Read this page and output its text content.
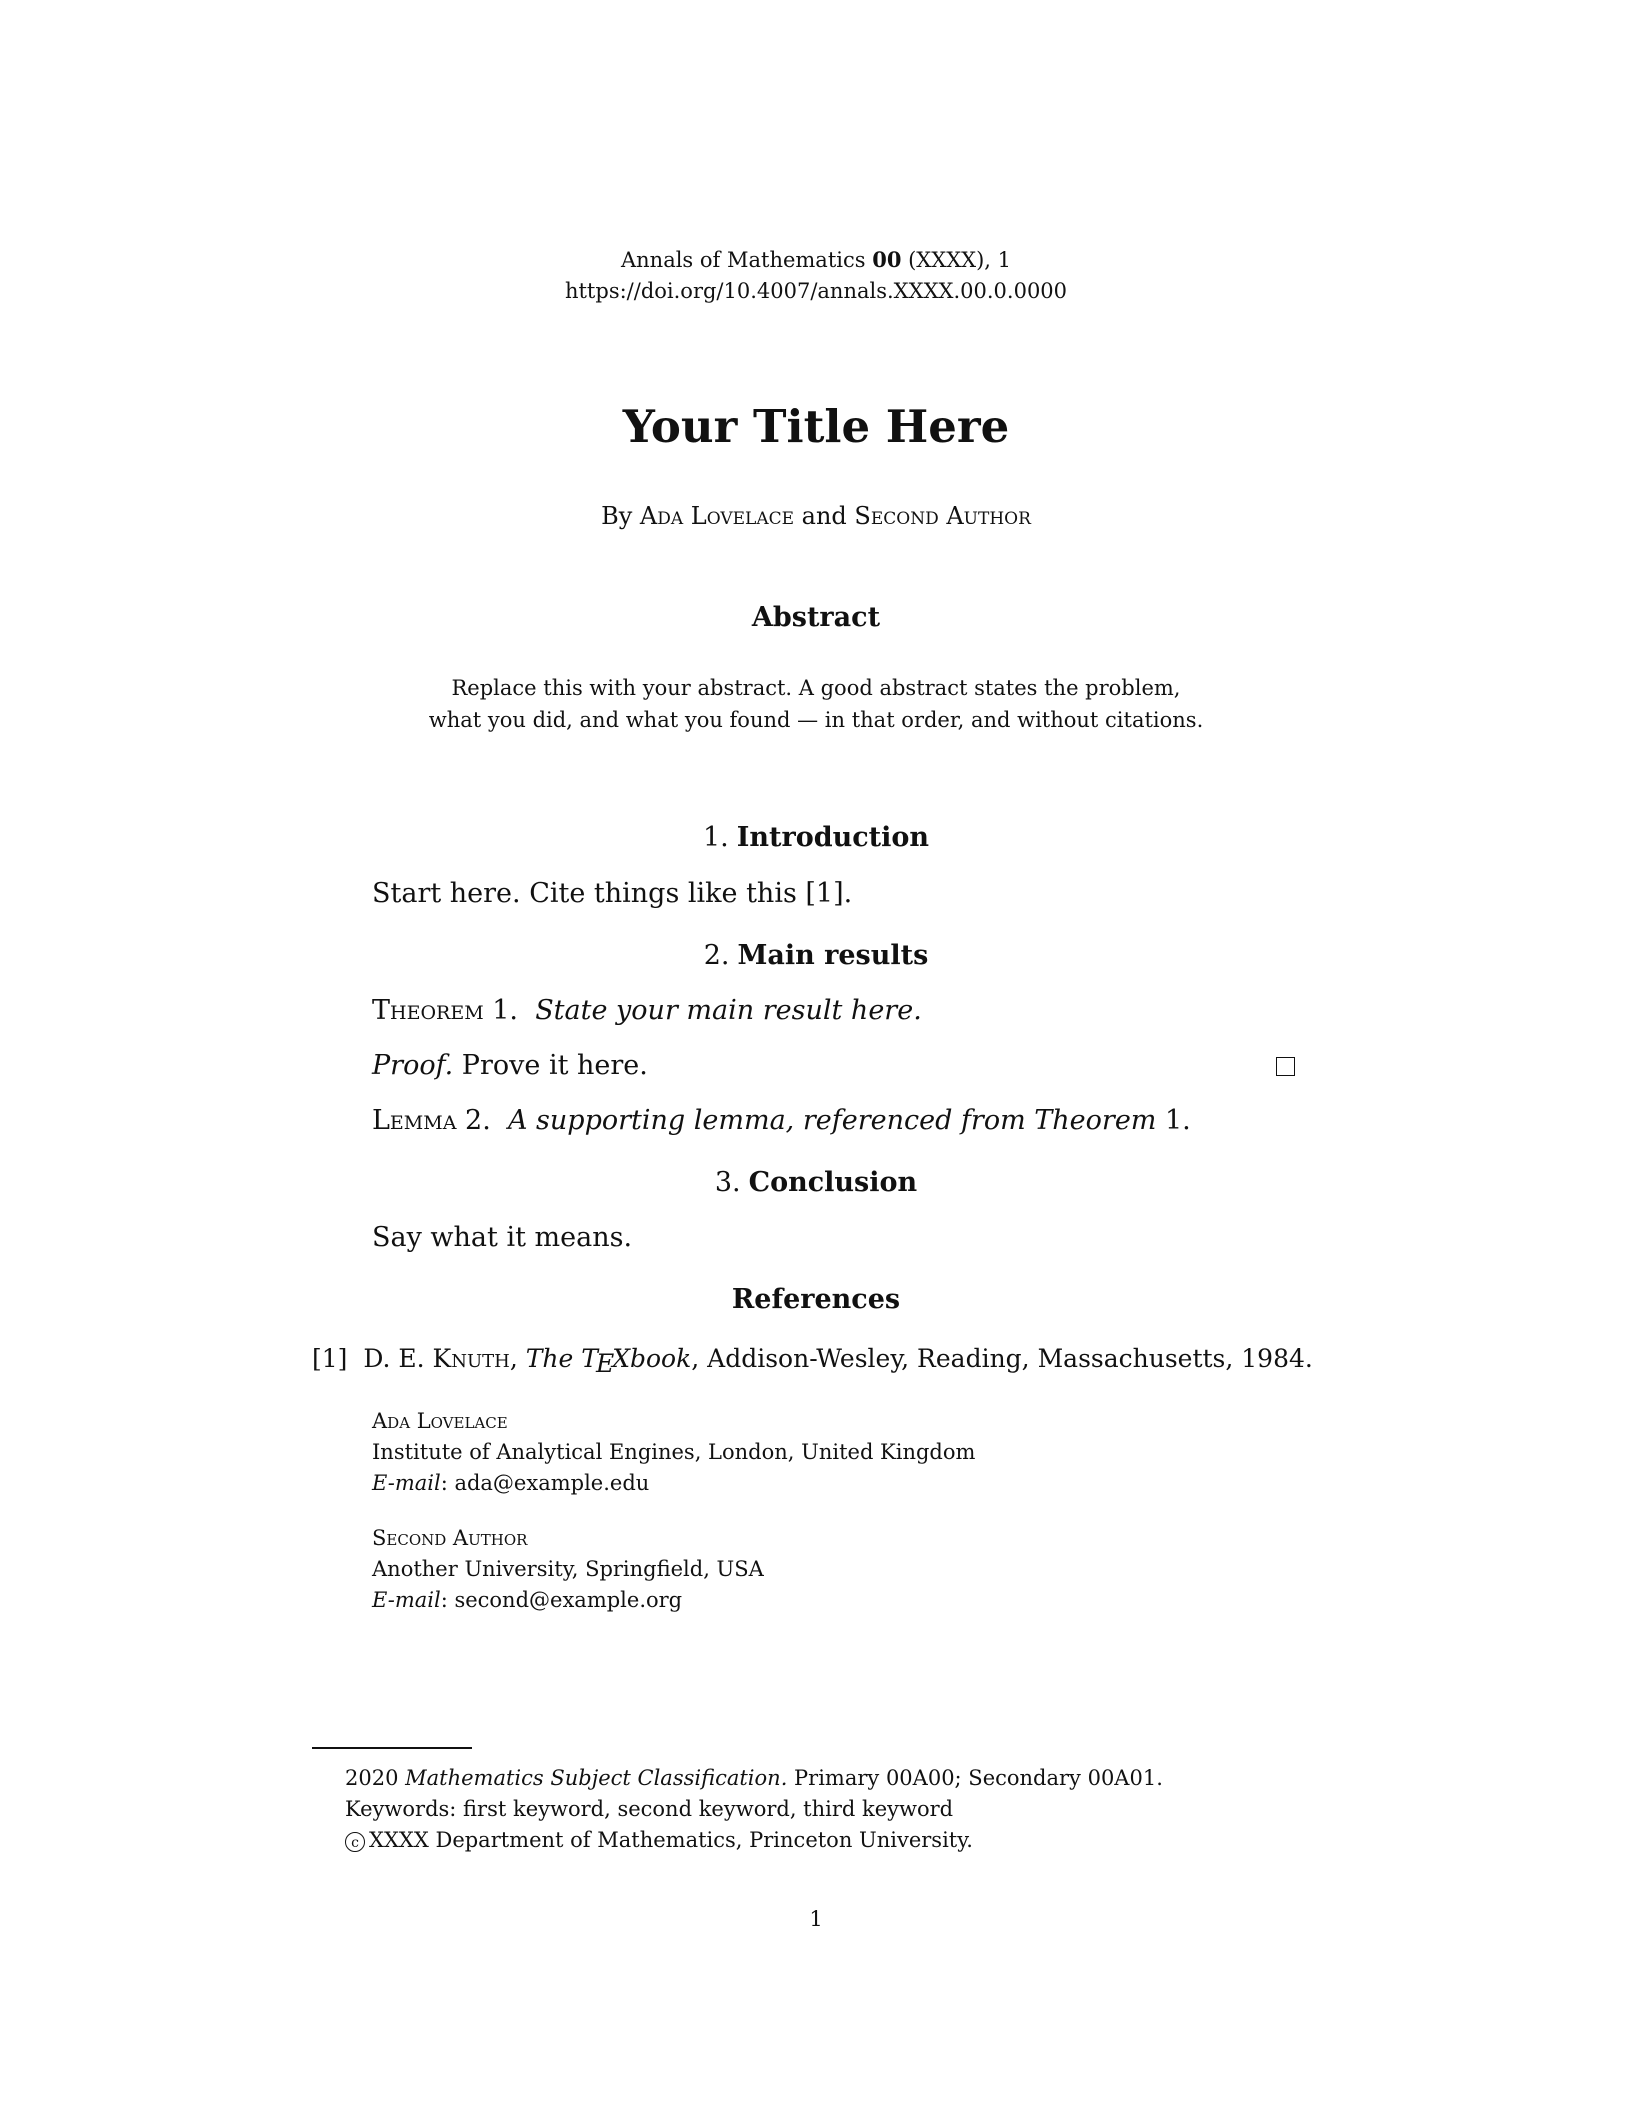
Annals of Mathematics 00 (XXXX), 1
https://doi.org/10.4007/annals.XXXX.00.0.0000
Your Title Here
By Ada Lovelace and Second Author
Abstract
Replace this with your abstract. A good abstract states the problem,
what you did, and what you found — in that order, and without citations.
1. Introduction
Start here. Cite things like this [1].
2. Main results
Theorem 1. State your main result here.
Proof. Prove it here.
Lemma 2. A supporting lemma, referenced from Theorem 1.
3. Conclusion
Say what it means.
References
[1] D. E. Knuth, The TEXbook, Addison-Wesley, Reading, Massachusetts, 1984.
Ada Lovelace
Institute of Analytical Engines, London, United Kingdom
E-mail: ada@example.edu
Second Author
Another University, Springfield, USA
E-mail: second@example.org
2020 Mathematics Subject Classification. Primary 00A00; Secondary 00A01.
Keywords: first keyword, second keyword, third keyword
c XXXX Department of Mathematics, Princeton University.
1
